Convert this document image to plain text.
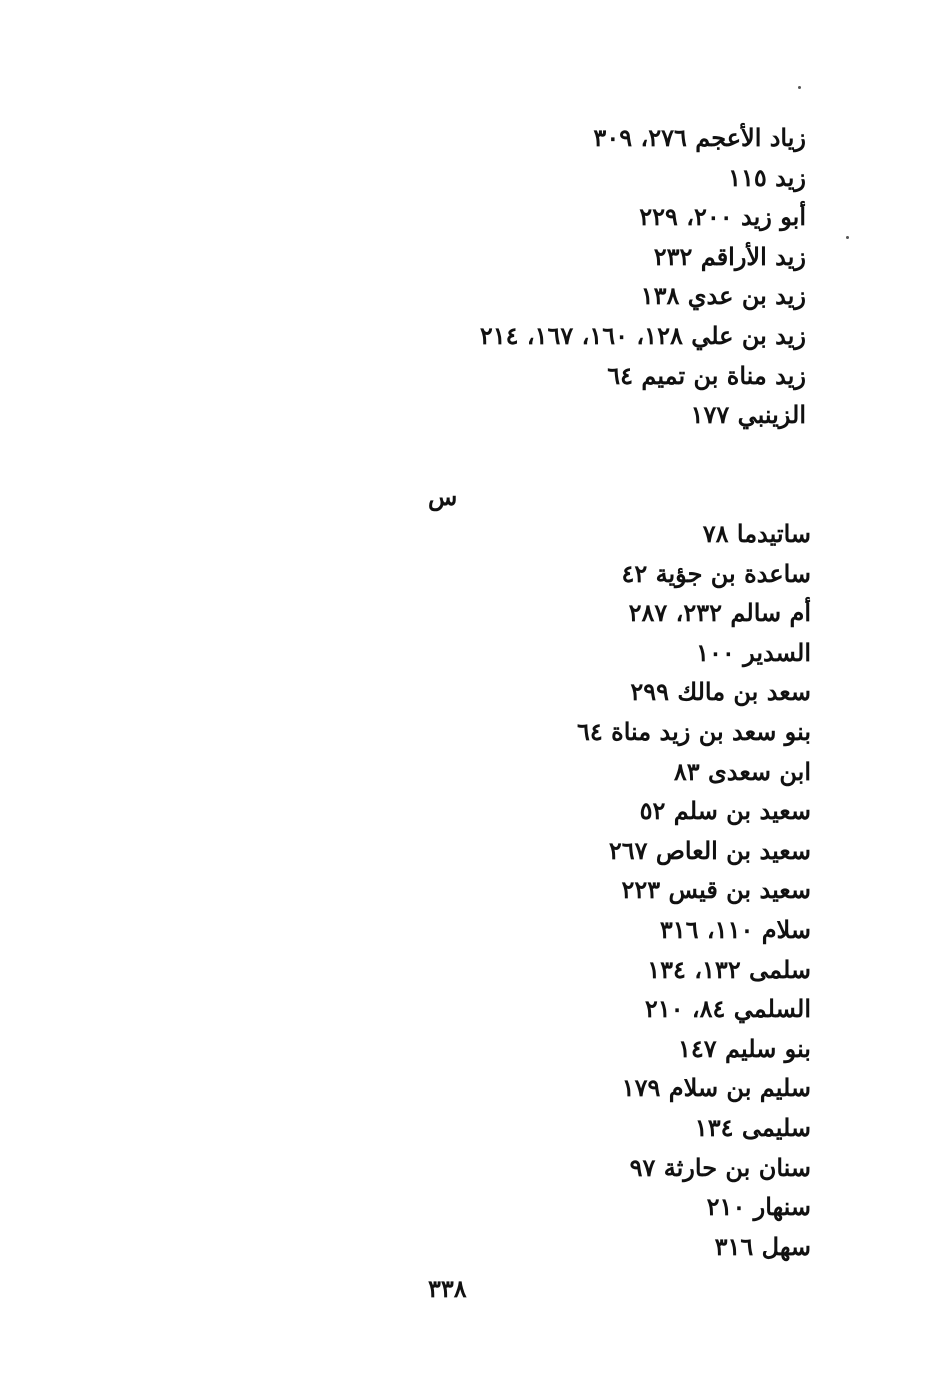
زياد الأعجم ٢٧٦، ٣٠٩
زيد ١١٥
أبو زيد ٢٠٠، ٢٢٩
زيد الأراقم ٢٣٢
زيد بن عدي ١٣٨
زيد بن علي ١٢٨، ١٦٠، ١٦٧، ٢١٤
زيد مناة بن تميم ٦٤
الزينبي ١٧٧
س
ساتيدما ٧٨
ساعدة بن جؤية ٤٢
أم سالم ٢٣٢، ٢٨٧
السدير ١٠٠
سعد بن مالك ٢٩٩
بنو سعد بن زيد مناة ٦٤
ابن سعدى ٨٣
سعيد بن سلم ٥٢
سعيد بن العاص ٢٦٧
سعيد بن قيس ٢٢٣
سلام ١١٠، ٣١٦
سلمى ١٣٢، ١٣٤
السلمي ٨٤، ٢١٠
بنو سليم ١٤٧
سليم بن سلام ١٧٩
سليمى ١٣٤
سنان بن حارثة ٩٧
سنهار ٢١٠
سهل ٣١٦
٣٣٨
